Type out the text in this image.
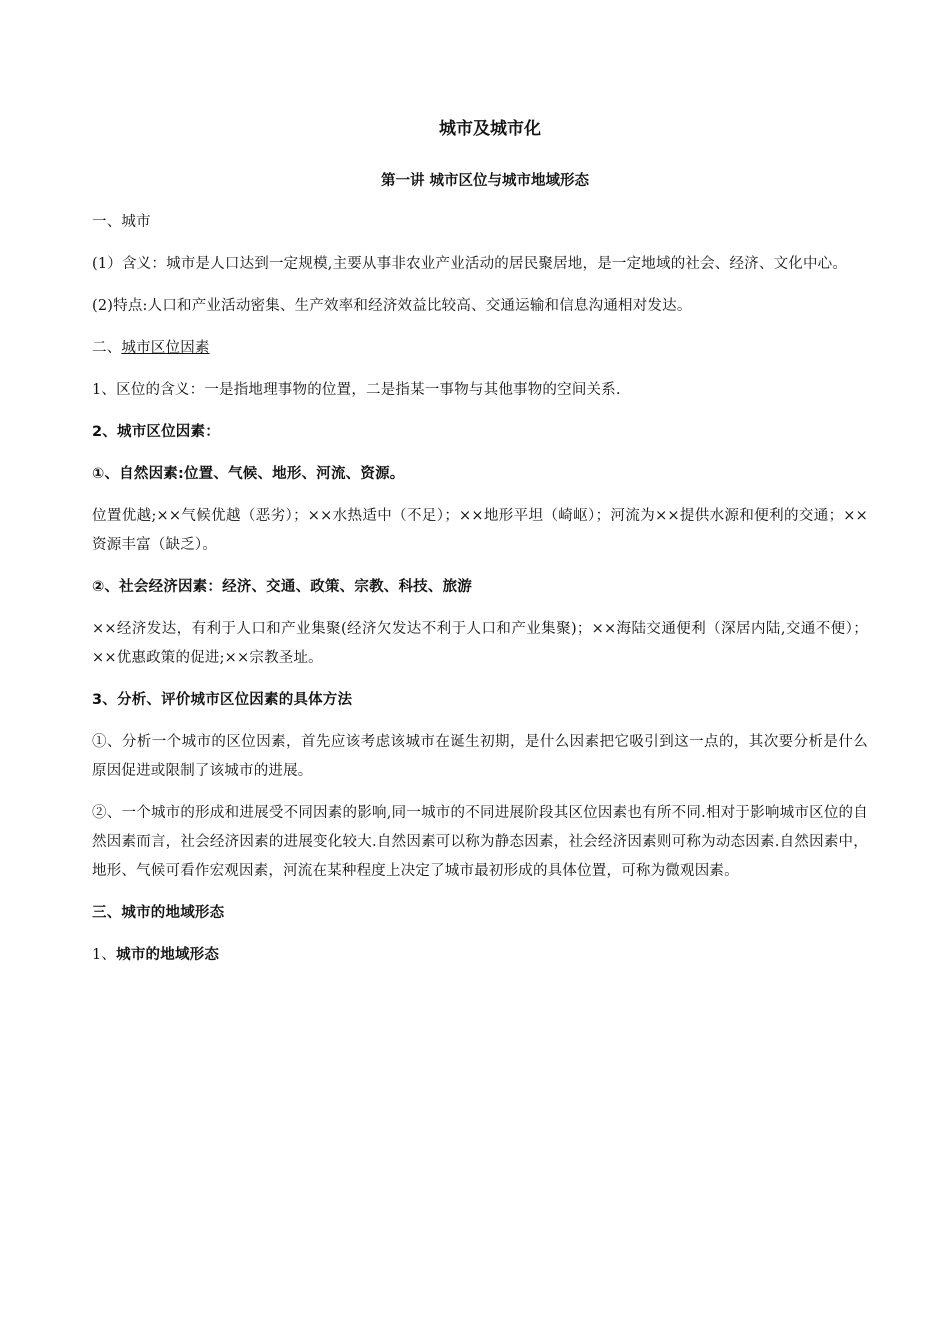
城市及城市化
第一讲 城市区位与城市地域形态
一、城市
(1）含义：城市是人口达到一定规模,主要从事非农业产业活动的居民聚居地，是一定地域的社会、经济、文化中心。
(2)特点:人口和产业活动密集、生产效率和经济效益比较高、交通运输和信息沟通相对发达。
二、城市区位因素
1、区位的含义：一是指地理事物的位置，二是指某一事物与其他事物的空间关系.
2、城市区位因素：
①、自然因素:位置、气候、地形、河流、资源。
位置优越;××气候优越（恶劣）；××水热适中（不足）；××地形平坦（崎岖）；河流为××提供水源和便利的交通；××资源丰富（缺乏）。
②、社会经济因素：经济、交通、政策、宗教、科技、旅游
××经济发达，有利于人口和产业集聚(经济欠发达不利于人口和产业集聚)；××海陆交通便利（深居内陆,交通不便）；××优惠政策的促进;××宗教圣址。
3、分析、评价城市区位因素的具体方法
①、分析一个城市的区位因素，首先应该考虑该城市在诞生初期，是什么因素把它吸引到这一点的，其次要分析是什么原因促进或限制了该城市的进展。
②、一个城市的形成和进展受不同因素的影响,同一城市的不同进展阶段其区位因素也有所不同.相对于影响城市区位的自然因素而言，社会经济因素的进展变化较大.自然因素可以称为静态因素，社会经济因素则可称为动态因素.自然因素中，地形、气候可看作宏观因素，河流在某种程度上决定了城市最初形成的具体位置，可称为微观因素。
三、城市的地域形态
1、城市的地域形态
